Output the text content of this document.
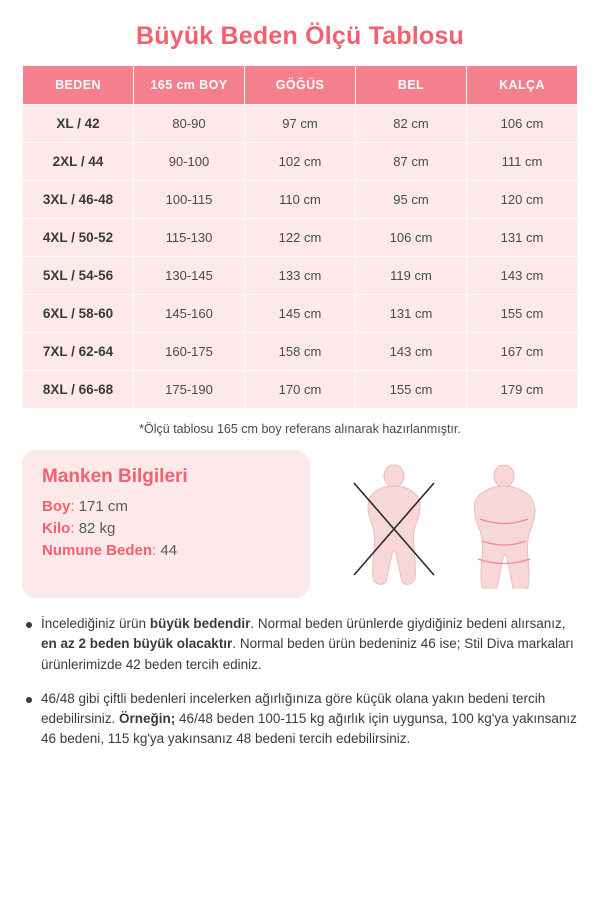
Büyük Beden Ölçü Tablosu
BEDEN	165 cm BOY	GÖĞÜS	BEL	KALÇA
XL / 42	80-90	97 cm	82 cm	106 cm
2XL / 44	90-100	102 cm	87 cm	111 cm
3XL / 46-48	100-115	110 cm	95 cm	120 cm
4XL / 50-52	115-130	122 cm	106 cm	131 cm
5XL / 54-56	130-145	133 cm	119 cm	143 cm
6XL / 58-60	145-160	145 cm	131 cm	155 cm
7XL / 62-64	160-175	158 cm	143 cm	167 cm
8XL / 66-68	175-190	170 cm	155 cm	179 cm
*Ölçü tablosu 165 cm boy referans alınarak hazırlanmıştır.
Manken Bilgileri
Boy: 171 cm
Kilo: 82 kg
Numune Beden: 44

İncelediğiniz ürün büyük bedendir. Normal beden ürünlerde giydiğiniz bedeni alırsanız, en az 2 beden büyük olacaktır. Normal beden ürün bedeniniz 46 ise; Stil Diva markaları ürünlerimizde 42 beden tercih ediniz.

46/48 gibi çiftli bedenleri incelerken ağırlığınıza göre küçük olana yakın bedeni tercih edebilirsiniz. Örneğin; 46/48 beden 100-115 kg ağırlık için uygunsa, 100 kg'ya yakınsanız 46 bedeni, 115 kg'ya yakınsanız 48 bedeni tercih edebilirsiniz.
